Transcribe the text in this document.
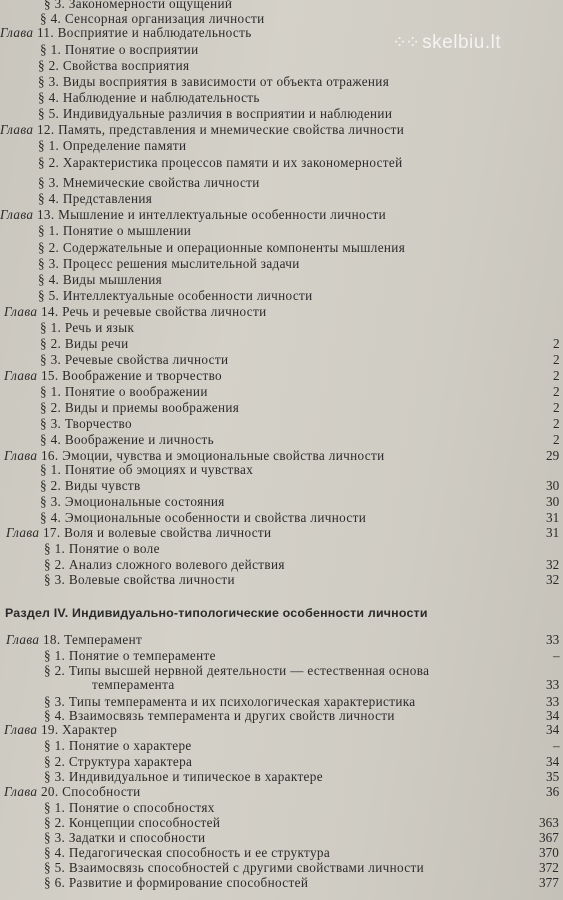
§ 3. Закономерности ощущений
§ 4. Сенсорная организация личности
Глава 11. Восприятие и наблюдательность
§ 1. Понятие о восприятии
§ 2. Свойства восприятия
§ 3. Виды восприятия в зависимости от объекта отражения
§ 4. Наблюдение и наблюдательность
§ 5. Индивидуальные различия в восприятии и наблюдении
Глава 12. Память, представления и мнемические свойства личности
§ 1. Определение памяти
§ 2. Характеристика процессов памяти и их закономерностей
§ 3. Мнемические свойства личности
§ 4. Представления
Глава 13. Мышление и интеллектуальные особенности личности
§ 1. Понятие о мышлении
§ 2. Содержательные и операционные компоненты мышления
§ 3. Процесс решения мыслительной задачи
§ 4. Виды мышления
§ 5. Интеллектуальные особенности личности
Глава 14. Речь и речевые свойства личности
§ 1. Речь и язык
§ 2. Виды речи	2
§ 3. Речевые свойства личности	2
Глава 15. Воображение и творчество	2
§ 1. Понятие о воображении	2
§ 2. Виды и приемы воображения	2
§ 3. Творчество	2
§ 4. Воображение и личность	2
Глава 16. Эмоции, чувства и эмоциональные свойства личности	29
§ 1. Понятие об эмоциях и чувствах
§ 2. Виды чувств	30
§ 3. Эмоциональные состояния	30
§ 4. Эмоциональные особенности и свойства личности	31
Глава 17. Воля и волевые свойства личности	31
§ 1. Понятие о воле
§ 2. Анализ сложного волевого действия	32
§ 3. Волевые свойства личности	32
Раздел IV. Индивидуально-типологические особенности личности
Глава 18. Темперамент	33
§ 1. Понятие о темпераменте	–
§ 2. Типы высшей нервной деятельности — естественная основа
темперамента	33
§ 3. Типы темперамента и их психологическая характеристика	33
§ 4. Взаимосвязь темперамента и других свойств личности	34
Глава 19. Характер	34
§ 1. Понятие о характере	–
§ 2. Структура характера	34
§ 3. Индивидуальное и типическое в характере	35
Глава 20. Способности	36
§ 1. Понятие о способностях
§ 2. Концепции способностей	363
§ 3. Задатки и способности	367
§ 4. Педагогическая способность и ее структура	370
§ 5. Взаимосвязь способностей с другими свойствами личности	372
§ 6. Развитие и формирование способностей	377
⁘⁘ skelbiu.lt
